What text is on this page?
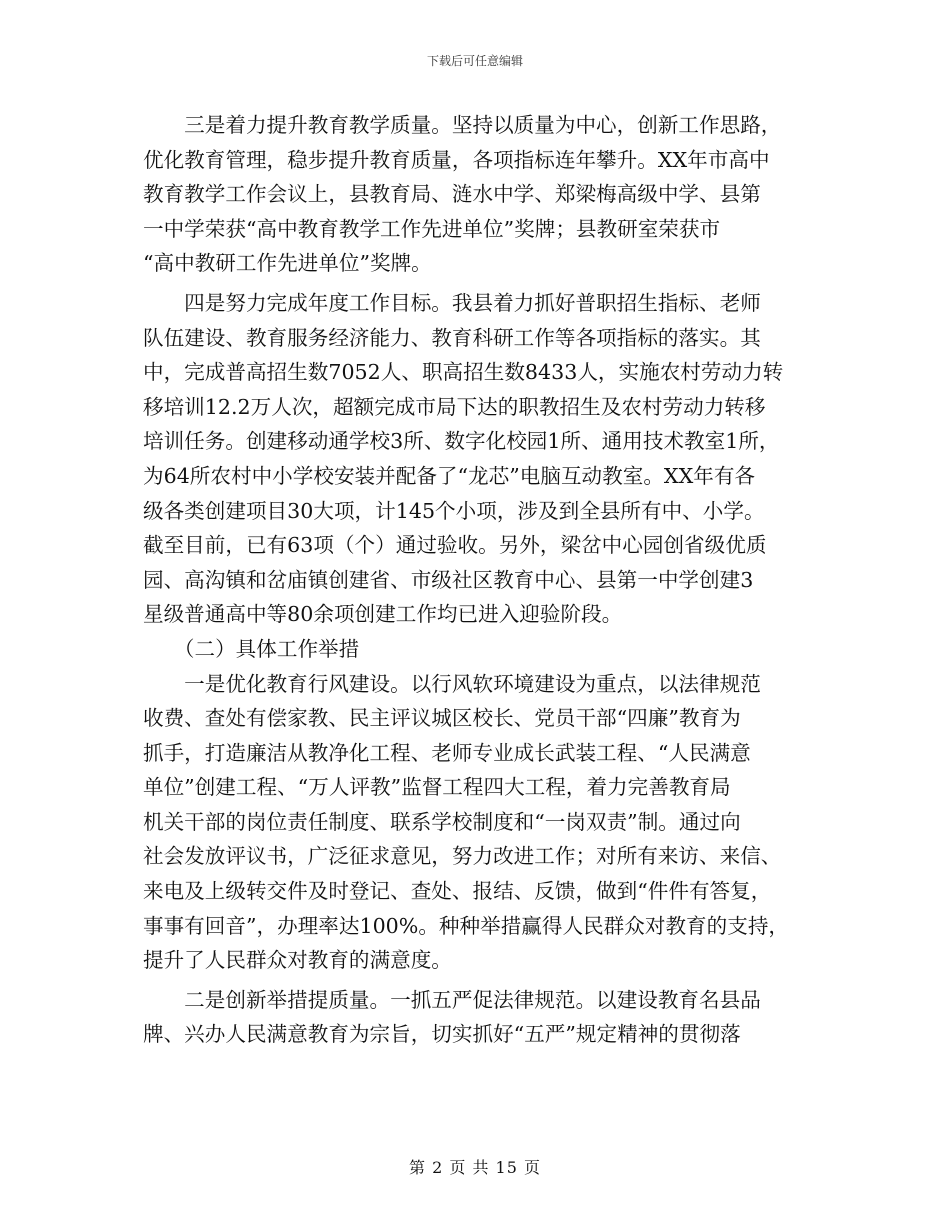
下载后可任意编辑
　　三是着力提升教育教学质量。坚持以质量为中心，创新工作思路，
优化教育管理，稳步提升教育质量，各项指标连年攀升。XX年市高中
教育教学工作会议上，县教育局、涟水中学、郑梁梅高级中学、县第
一中学荣获“高中教育教学工作先进单位”奖牌；县教研室荣获市
“高中教研工作先进单位”奖牌。
　　四是努力完成年度工作目标。我县着力抓好普职招生指标、老师
队伍建设、教育服务经济能力、教育科研工作等各项指标的落实。其
中，完成普高招生数7052人、职高招生数8433人，实施农村劳动力转
移培训12.2万人次，超额完成市局下达的职教招生及农村劳动力转移
培训任务。创建移动通学校3所、数字化校园1所、通用技术教室1所，
为64所农村中小学校安装并配备了“龙芯”电脑互动教室。XX年有各
级各类创建项目30大项，计145个小项，涉及到全县所有中、小学。
截至目前，已有63项（个）通过验收。另外，梁岔中心园创省级优质
园、高沟镇和岔庙镇创建省、市级社区教育中心、县第一中学创建3
星级普通高中等80余项创建工作均已进入迎验阶段。
　　（二）具体工作举措
　　一是优化教育行风建设。以行风软环境建设为重点，以法律规范
收费、查处有偿家教、民主评议城区校长、党员干部“四廉”教育为
抓手，打造廉洁从教净化工程、老师专业成长武装工程、“人民满意
单位”创建工程、“万人评教”监督工程四大工程，着力完善教育局
机关干部的岗位责任制度、联系学校制度和“一岗双责”制。通过向
社会发放评议书，广泛征求意见，努力改进工作；对所有来访、来信、
来电及上级转交件及时登记、查处、报结、反馈，做到“件件有答复，
事事有回音”，办理率达100%。种种举措赢得人民群众对教育的支持，
提升了人民群众对教育的满意度。
　　二是创新举措提质量。一抓五严促法律规范。以建设教育名县品
牌、兴办人民满意教育为宗旨，切实抓好“五严”规定精神的贯彻落
第 2 页 共 15 页
